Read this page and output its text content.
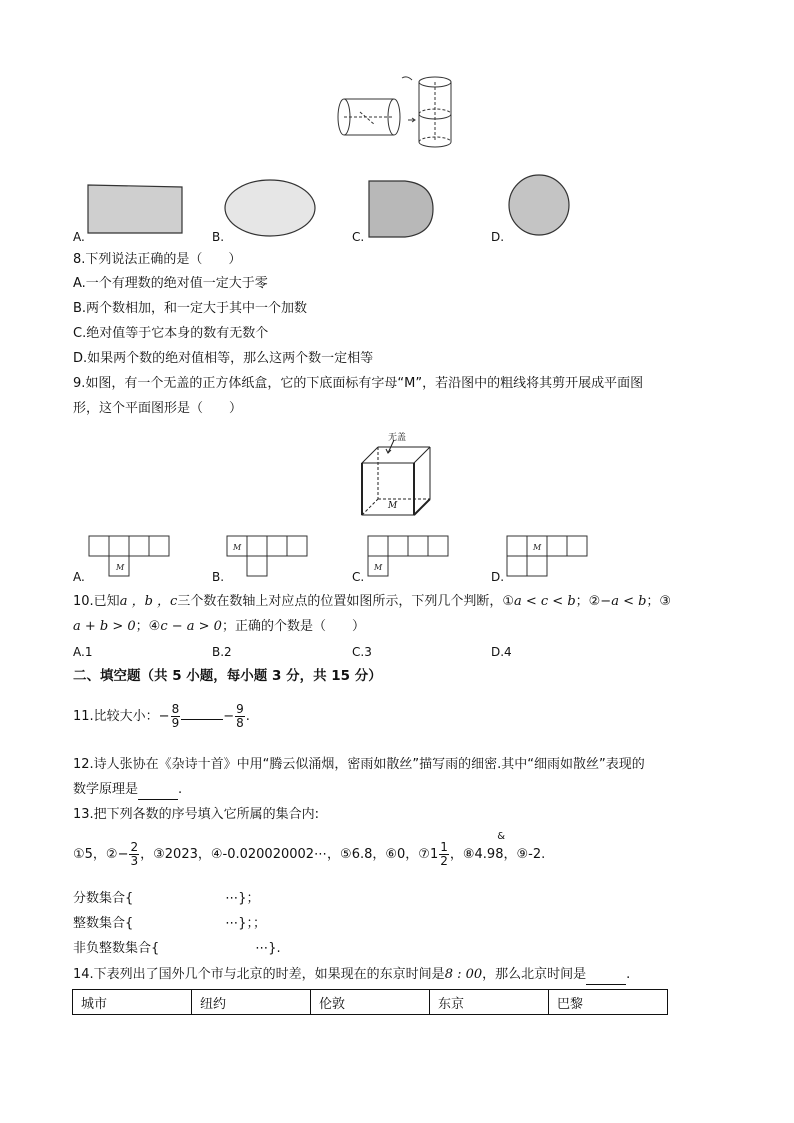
A.	B.	C.	D.
8.下列说法正确的是（　　）
A.一个有理数的绝对值一定大于零
B.两个数相加，和一定大于其中一个加数
C.绝对值等于它本身的数有无数个
D.如果两个数的绝对值相等，那么这两个数一定相等
9.如图，有一个无盖的正方体纸盒，它的下底面标有字母“M”，若沿图中的粗线将其剪开展成平面图
形，这个平面图形是（　　）
无盖
M
M
M
M
M
A.	B.	C.	D.
10.已知a ，b ，c三个数在数轴上对应点的位置如图所示，下列几个判断，①a < c < b；②−a < b；③
a + b > 0；④c − a > 0；正确的个数是（　　）
A.1	B.2	C.3	D.4
二、填空题（共 5 小题，每小题 3 分，共 15 分）
11.比较大小：− $\frac{8}{9}$	− $\frac{9}{8}$ .
12.诗人张协在《杂诗十首》中用“腾云似涌烟，密雨如散丝”描写雨的细密.其中“细雨如散丝”表现的
数学原理是	.
13.把下列各数的序号填入它所属的集合内:
①5，②− $\frac{2}{3}$ ，③2023，④-0.020020002⋯，⑤6.8，⑥0，⑦1 $\frac{1}{2}$ ，⑧4.98
&
，⑨-2.
分数集合{	⋯}；
整数集合{	⋯}；；
非负整数集合{	⋯}.
14.下表列出了国外几个市与北京的时差，如果现在的东京时间是8 : 00，那么北京时间是	.
城市	纽约	伦敦	东京	巴黎
